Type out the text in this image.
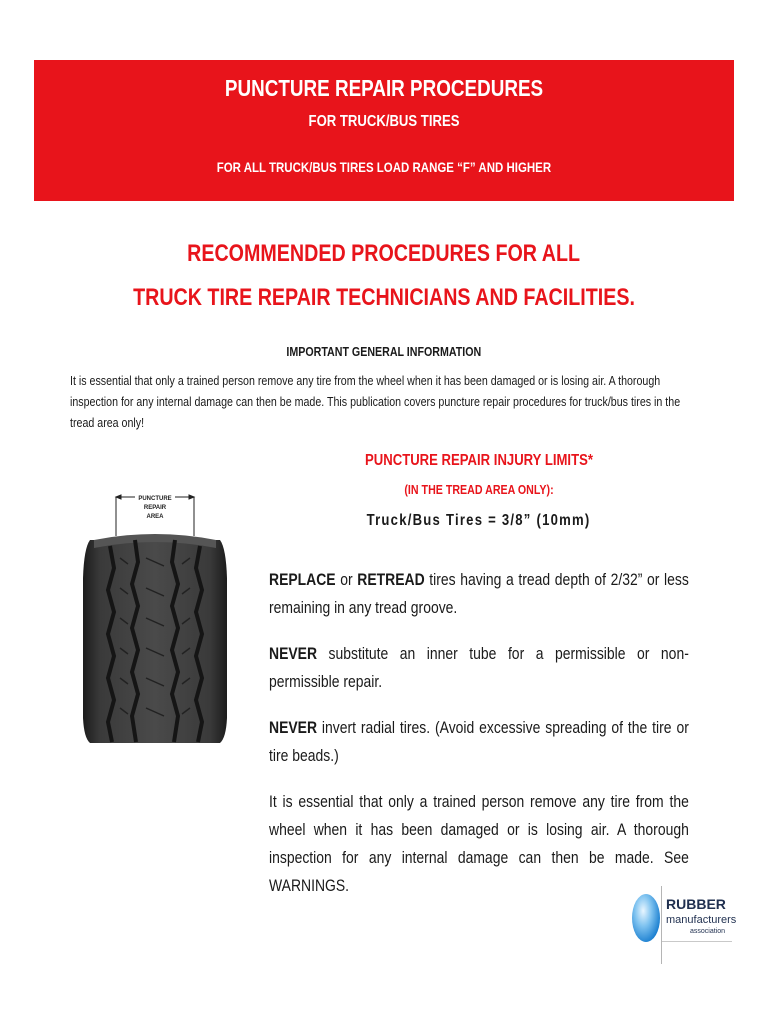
PUNCTURE REPAIR PROCEDURES
FOR TRUCK/BUS TIRES
FOR ALL TRUCK/BUS TIRES LOAD RANGE “F” AND HIGHER
RECOMMENDED PROCEDURES FOR ALL
TRUCK TIRE REPAIR TECHNICIANS AND FACILITIES.
IMPORTANT GENERAL INFORMATION
It is essential that only a trained person remove any tire from the wheel when it has been damaged or is losing air. A thorough inspection for any internal damage can then be made. This publication covers puncture repair procedures for truck/bus tires in the tread area only!
PUNCTURE REPAIR INJURY LIMITS*
(IN THE TREAD AREA ONLY):
Truck/Bus Tires = 3/8” (10mm)
PUNCTURE
REPAIR
AREA
REPLACE or RETREAD tires having a tread depth of 2/32” or less remaining in any tread groove.
NEVER substitute an inner tube for a permissible or non-permissible repair.
NEVER invert radial tires. (Avoid excessive spreading of the tire or tire beads.)
It is essential that only a trained person remove any tire from the wheel when it has been damaged or is losing air. A thorough inspection for any internal damage can then be made. See WARNINGS.
RUBBER
manufacturers
association
